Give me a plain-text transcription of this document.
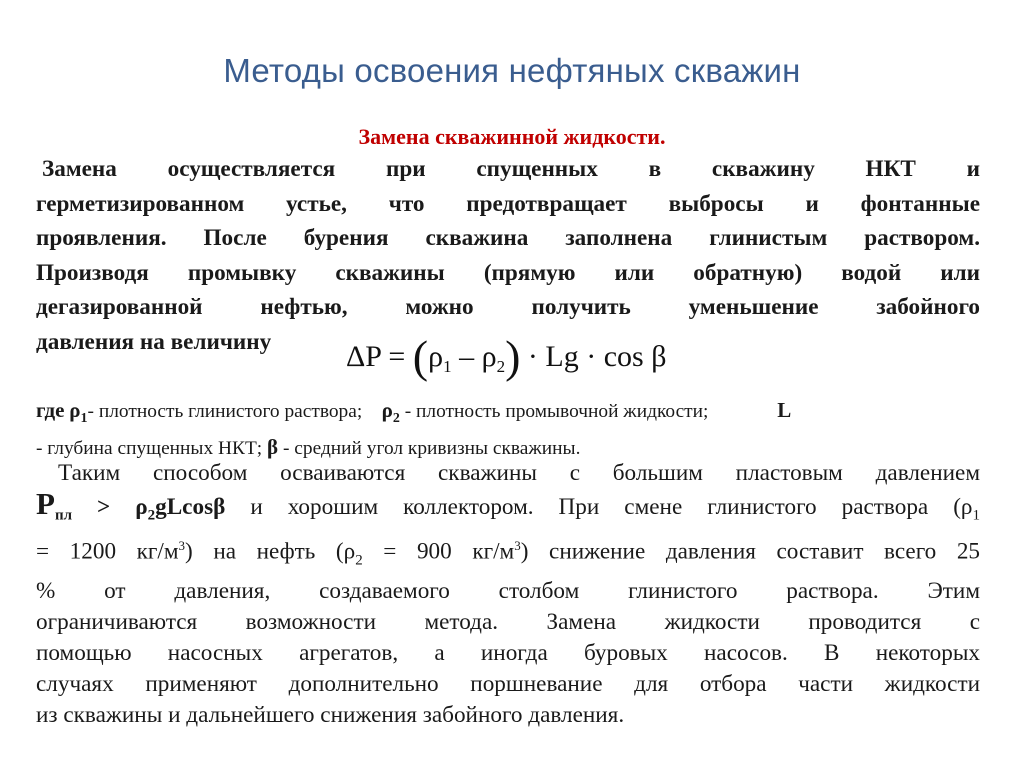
Методы освоения нефтяных скважин
Замена скважинной жидкости.
Замена осуществляется при спущенных в скважину НКТ и
герметизированном устье, что предотвращает выбросы и фонтанные
проявления. После бурения скважина заполнена глинистым раствором.
Производя промывку скважины (прямую или обратную) водой или
дегазированной нефтью, можно получить уменьшение забойного
давления на величину	$\Delta P = (\rho_1 - \rho_2) \cdot Lg \cdot \cos \beta$
где $\rho_1-$ плотность глинистого раствора; $\rho_2$ - плотность промывочной жидкости;	L
- глубина спущенных НКТ; β - средний угол кривизны скважины.
Таким способом осваиваются скважины с большим пластовым давлением
$Р_{пл} > \rho_2gLcos\beta$ и хорошим коллектором. При смене глинистого раствора ($\rho_1$
= 1200 $кг/м^3$) на нефть ($\rho_2 = 900$ $кг/м^3$) снижение давления составит всего 25
% от давления, создаваемого столбом глинистого раствора. Этим
ограничиваются возможности метода. Замена жидкости проводится с
помощью насосных агрегатов, а иногда буровых насосов. В некоторых
случаях применяют дополнительно поршневание для отбора части жидкости
из скважины и дальнейшего снижения забойного давления.
